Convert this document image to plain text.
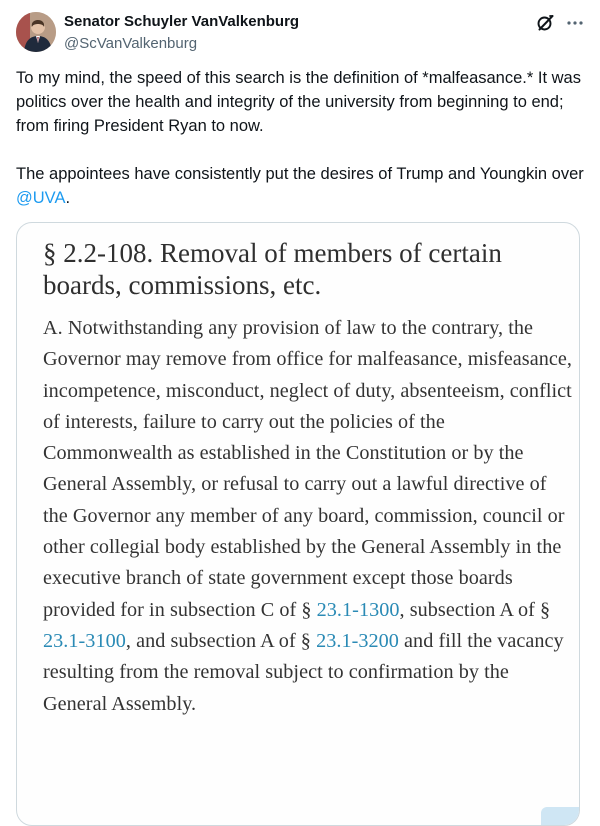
Senator Schuyler VanValkenburg
@ScVanValkenburg

To my mind, the speed of this search is the definition of *malfeasance.* It was politics over the health and integrity of the university from beginning to end; from firing President Ryan to now.

The appointees have consistently put the desires of Trump and Youngkin over @UVA.

§ 2.2-108. Removal of members of certain boards, commissions, etc.
A. Notwithstanding any provision of law to the contrary, the Governor may remove from office for malfeasance, misfeasance, incompetence, misconduct, neglect of duty, absenteeism, conflict of interests, failure to carry out the policies of the Commonwealth as established in the Constitution or by the General Assembly, or refusal to carry out a lawful directive of the Governor any member of any board, commission, council or other collegial body established by the General Assembly in the executive branch of state government except those boards provided for in subsection C of § 23.1-1300, subsection A of § 23.1-3100, and subsection A of § 23.1-3200 and fill the vacancy resulting from the removal subject to confirmation by the General Assembly.
